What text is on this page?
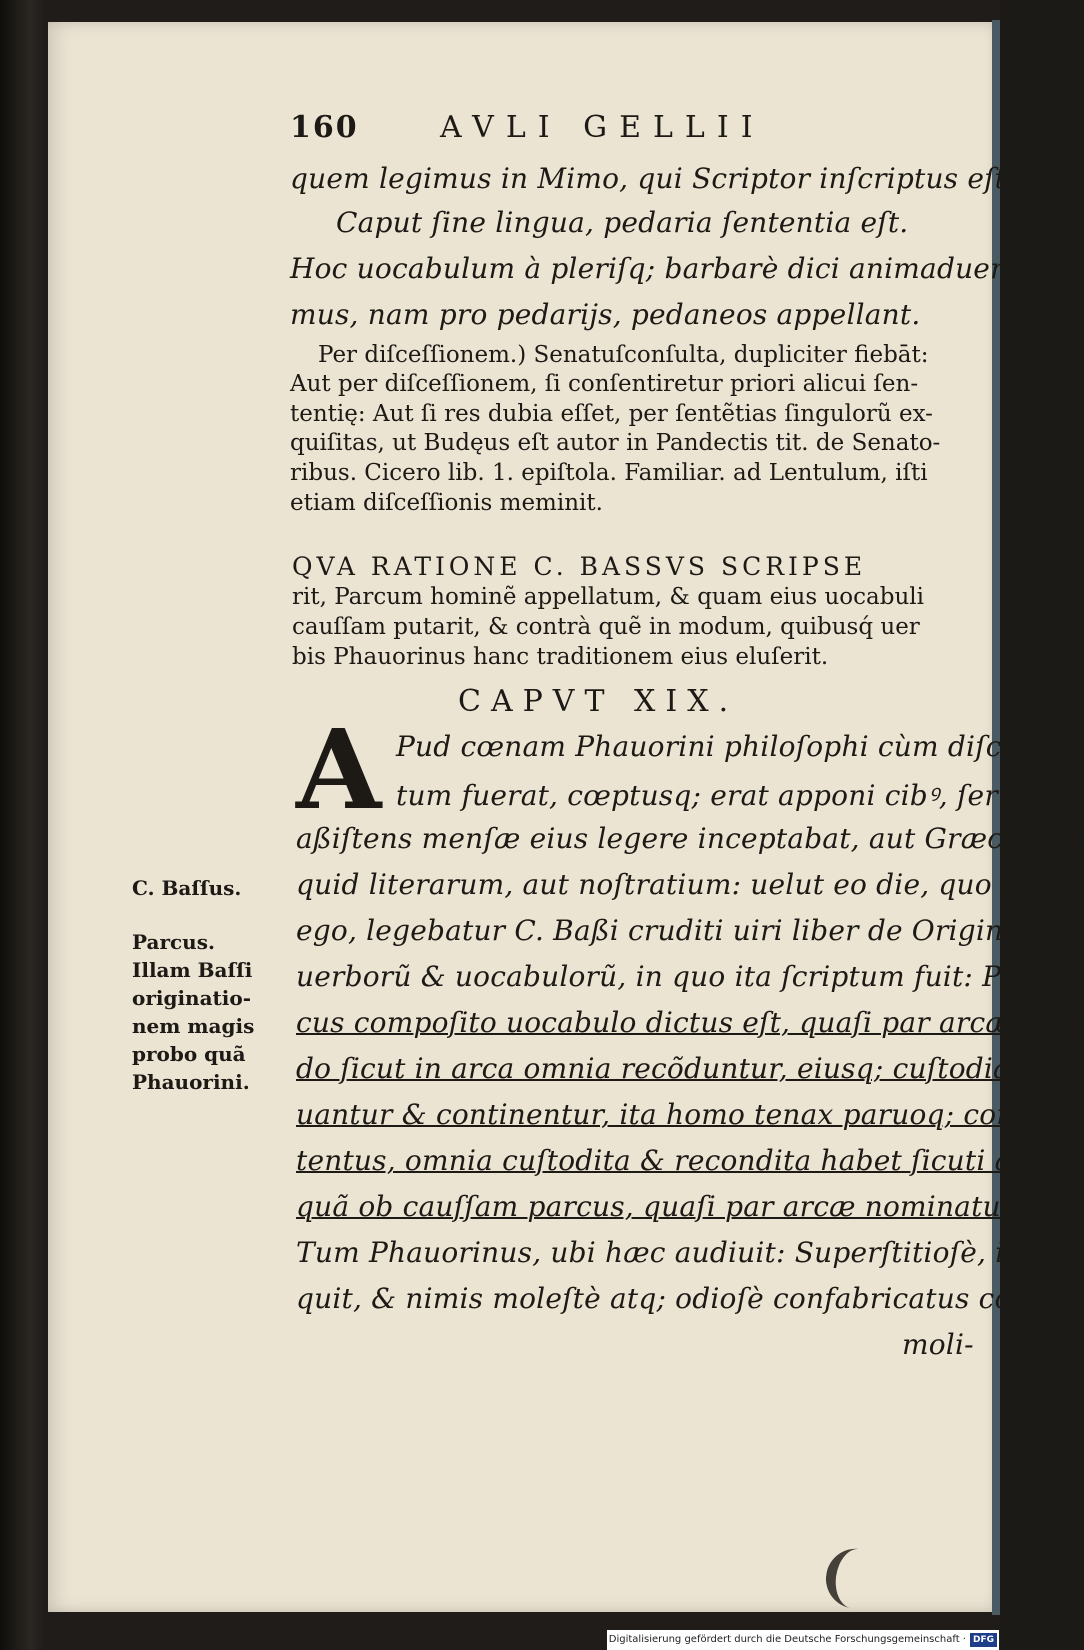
160	AVLI GELLII
quem legimus in Mimo, qui Scriptor inſcriptus eſt:
Caput ſine lingua, pedaria ſententia eſt.
Hoc uocabulum à pleriſq; barbarè dici animaduerti-
mus, nam pro pedarijs, pedaneos appellant.
Per diſceſſionem.) Senatuſconſulta, dupliciter fiebāt:
Aut per diſceſſionem, ſi conſentiretur priori alicui ſen-
tentię: Aut ſi res dubia eſſet, per ſentẽtias ſingulorũ ex-
quiſitas, ut Budęus eſt autor in Pandectis tit. de Senato-
ribus. Cicero lib. 1. epiſtola. Familiar. ad Lentulum, iſti
etiam diſceſſionis meminit.
QVA RATIONE C. BASSVS SCRIPSE
rit, Parcum hominẽ appellatum, & quam eius uocabuli
cauſſam putarit, & contrà quẽ in modum, quibusq́ uer
bis Phauorinus hanc traditionem eius eluſerit.
CAPVT XIX.
A Pud cœnam Phauorini philoſophi cùm diſcubi
tum fuerat, cœptusq; erat apponi cibꝰ, ſeruus
aßiſtens menſæ eius legere inceptabat, aut Græcarum
quid literarum, aut noſtratium: uelut eo die, quo affui
ego, legebatur C. Baßi cruditi uiri liber de Origine
uerborũ & uocabulorũ, in quo ita ſcriptum fuit: Par
cus compoſito uocabulo dictus eſt, quaſi par arcæ: quã
do ſicut in arca omnia recõduntur, eiusq; cuſtodia ſer
uantur & continentur, ita homo tenax paruoq; con-
tentus, omnia cuſtodita & recondita habet ſicuti arca:
quã ob cauſſam parcus, quaſi par arcæ nominatus eſt.
Tum Phauorinus, ubi hæc audiuit: Superſtitioſè, in-
quit, & nimis moleſtè atq; odioſè confabricatus com
moli-
C. Baſſus.
Parcus.
Illam Baſſi
originatio-
nem magis
probo quã
Phauorini.
Digitalisierung gefördert durch die Deutsche Forschungsgemeinschaft · DFG
